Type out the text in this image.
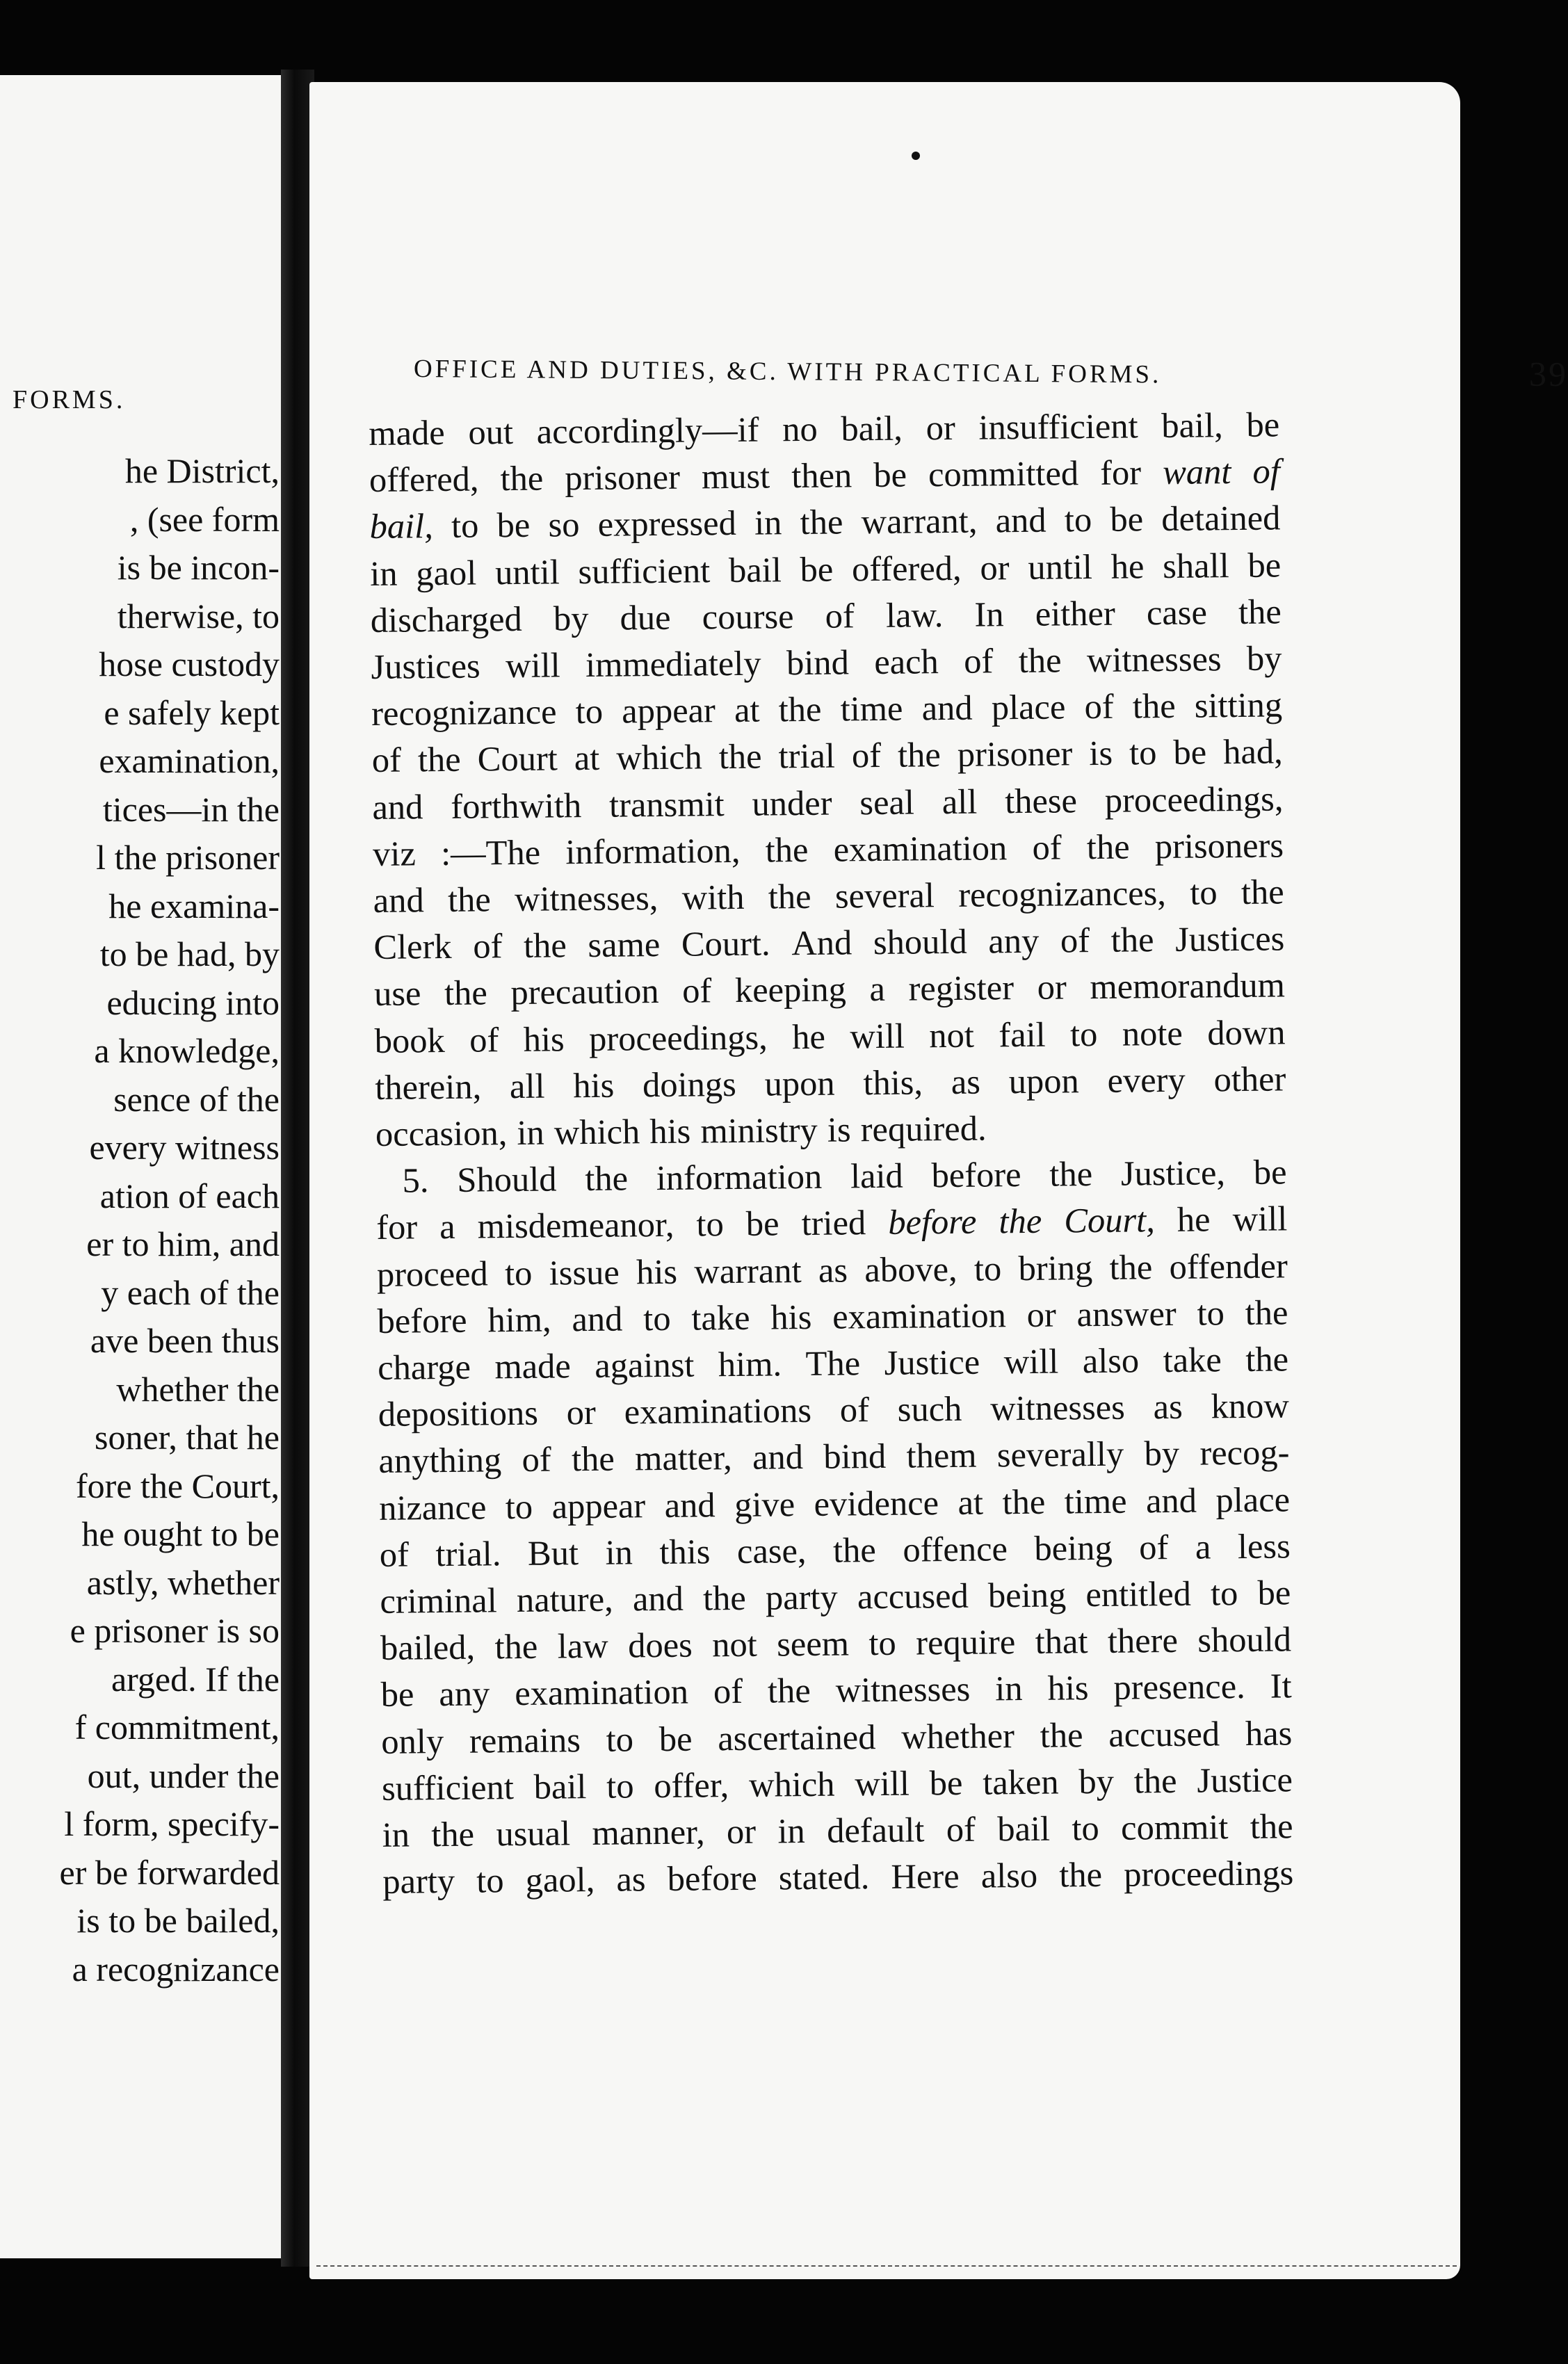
FORMS.
he District,
, (see form
is be incon-
therwise, to
hose custody
e safely kept
examination,
tices—in the
l the prisoner
he examina-
to be had, by
educing into
a knowledge,
sence of the
every witness
ation of each
er to him, and
y each of the
ave been thus
whether the
soner, that he
fore the Court,
he ought to be
astly, whether
e prisoner is so
arged. If the
f commitment,
out, under the
l form, specify-
er be forwarded
is to be bailed,
a recognizance
OFFICE AND DUTIES, &C. WITH PRACTICAL FORMS.	39
made out accordingly—if no bail, or insufficient bail, be
offered, the prisoner must then be committed for want of
bail, to be so expressed in the warrant, and to be detained
in gaol until sufficient bail be offered, or until he shall be
discharged by due course of law. In either case the
Justices will immediately bind each of the witnesses by
recognizance to appear at the time and place of the sitting
of the Court at which the trial of the prisoner is to be had,
and forthwith transmit under seal all these proceedings,
viz :—The information, the examination of the prisoners
and the witnesses, with the several recognizances, to the
Clerk of the same Court. And should any of the Justices
use the precaution of keeping a register or memorandum
book of his proceedings, he will not fail to note down
therein, all his doings upon this, as upon every other
occasion, in which his ministry is required.
5. Should the information laid before the Justice, be
for a misdemeanor, to be tried before the Court, he will
proceed to issue his warrant as above, to bring the offender
before him, and to take his examination or answer to the
charge made against him. The Justice will also take the
depositions or examinations of such witnesses as know
anything of the matter, and bind them severally by recog-
nizance to appear and give evidence at the time and place
of trial. But in this case, the offence being of a less
criminal nature, and the party accused being entitled to be
bailed, the law does not seem to require that there should
be any examination of the witnesses in his presence. It
only remains to be ascertained whether the accused has
sufficient bail to offer, which will be taken by the Justice
in the usual manner, or in default of bail to commit the
party to gaol, as before stated. Here also the proceedings
